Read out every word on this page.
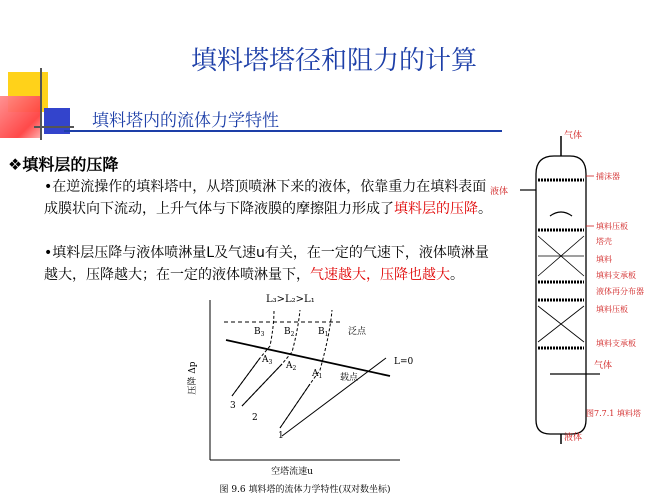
填料塔塔径和阻力的计算
填料塔内的流体力学特性
❖填料层的压降
•在逆流操作的填料塔中，从塔顶喷淋下来的液体，依靠重力在填料表面成膜状向下流动，上升气体与下降液膜的摩擦阻力形成了填料层的压降。
•填料层压降与液体喷淋量L及气速u有关，在一定的气速下，液体喷淋量越大，压降越大；在一定的液体喷淋量下，气速越大，压降也越大。
L₃>L₂>L₁
压降 Δp
空塔流速u
泛点
载点
L=0
3
2
1
$B_3$ $B_2$	$B_1$
$A_3$ $A_2$
$A_1$
图 9.6 填料塔的流体力学特性(双对数坐标)
气体
液体
液体
捕沫器
填料压板
塔壳
填料
填料支承板
液体再分布器
填料压板
填料支承板
气体
图7.7.1 填料塔
